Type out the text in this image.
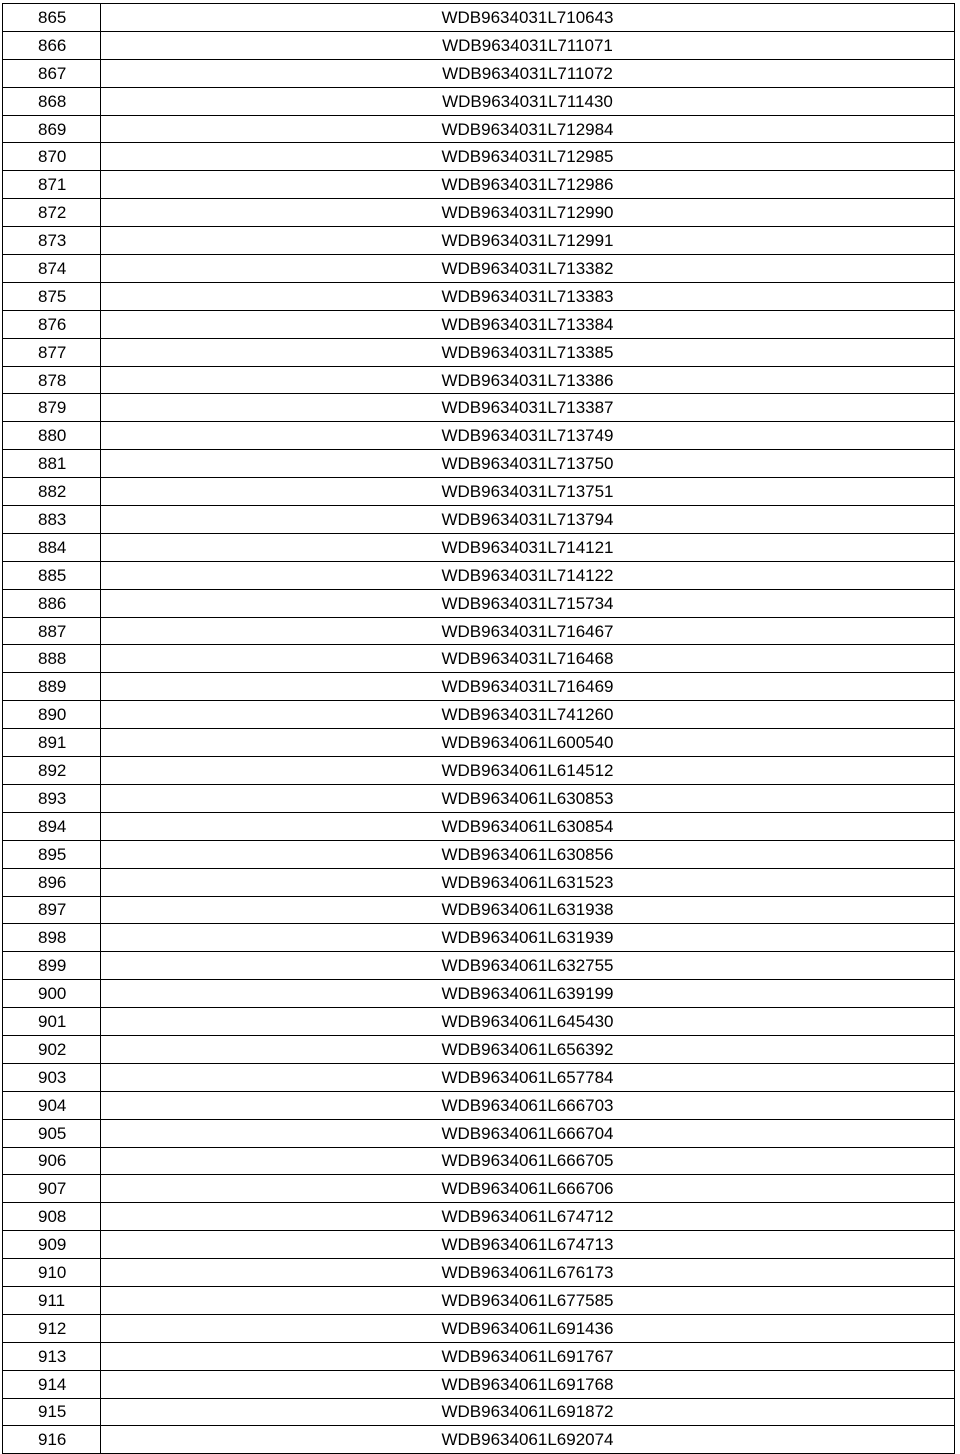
865	WDB9634031L710643
866	WDB9634031L711071
867	WDB9634031L711072
868	WDB9634031L711430
869	WDB9634031L712984
870	WDB9634031L712985
871	WDB9634031L712986
872	WDB9634031L712990
873	WDB9634031L712991
874	WDB9634031L713382
875	WDB9634031L713383
876	WDB9634031L713384
877	WDB9634031L713385
878	WDB9634031L713386
879	WDB9634031L713387
880	WDB9634031L713749
881	WDB9634031L713750
882	WDB9634031L713751
883	WDB9634031L713794
884	WDB9634031L714121
885	WDB9634031L714122
886	WDB9634031L715734
887	WDB9634031L716467
888	WDB9634031L716468
889	WDB9634031L716469
890	WDB9634031L741260
891	WDB9634061L600540
892	WDB9634061L614512
893	WDB9634061L630853
894	WDB9634061L630854
895	WDB9634061L630856
896	WDB9634061L631523
897	WDB9634061L631938
898	WDB9634061L631939
899	WDB9634061L632755
900	WDB9634061L639199
901	WDB9634061L645430
902	WDB9634061L656392
903	WDB9634061L657784
904	WDB9634061L666703
905	WDB9634061L666704
906	WDB9634061L666705
907	WDB9634061L666706
908	WDB9634061L674712
909	WDB9634061L674713
910	WDB9634061L676173
911	WDB9634061L677585
912	WDB9634061L691436
913	WDB9634061L691767
914	WDB9634061L691768
915	WDB9634061L691872
916	WDB9634061L692074
